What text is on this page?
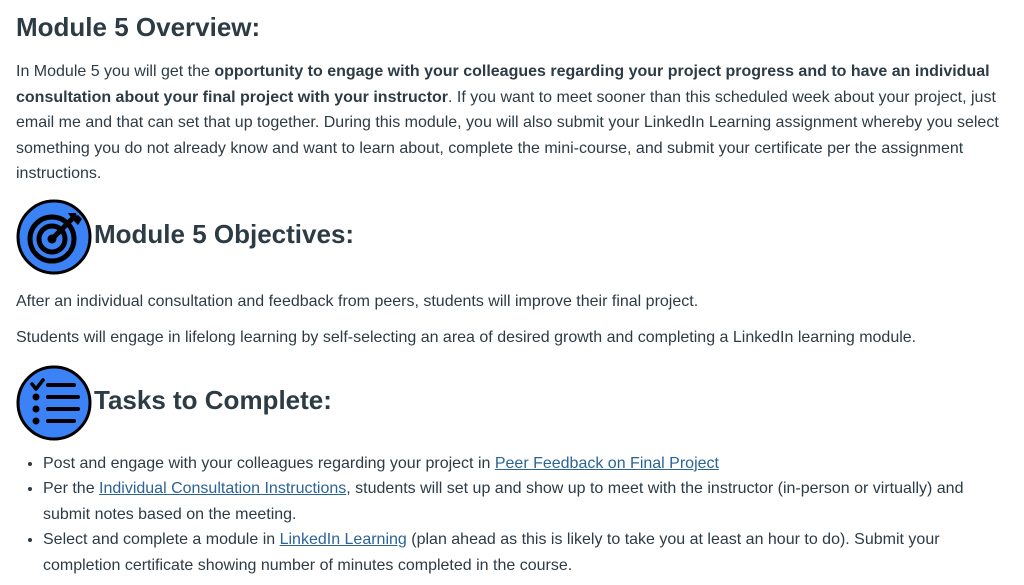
Module 5 Overview:

In Module 5 you will get the opportunity to engage with your colleagues regarding your project progress and to have an individual consultation about your final project with your instructor. If you want to meet sooner than this scheduled week about your project, just email me and that can set that up together. During this module, you will also submit your LinkedIn Learning assignment whereby you select something you do not already know and want to learn about, complete the mini-course, and submit your certificate per the assignment instructions.

Module 5 Objectives:

After an individual consultation and feedback from peers, students will improve their final project.

Students will engage in lifelong learning by self-selecting an area of desired growth and completing a LinkedIn learning module.

Tasks to Complete:
• Post and engage with your colleagues regarding your project in Peer Feedback on Final Project
• Per the Individual Consultation Instructions, students will set up and show up to meet with the instructor (in-person or virtually) and submit notes based on the meeting.
• Select and complete a module in LinkedIn Learning (plan ahead as this is likely to take you at least an hour to do). Submit your completion certificate showing number of minutes completed in the course.
